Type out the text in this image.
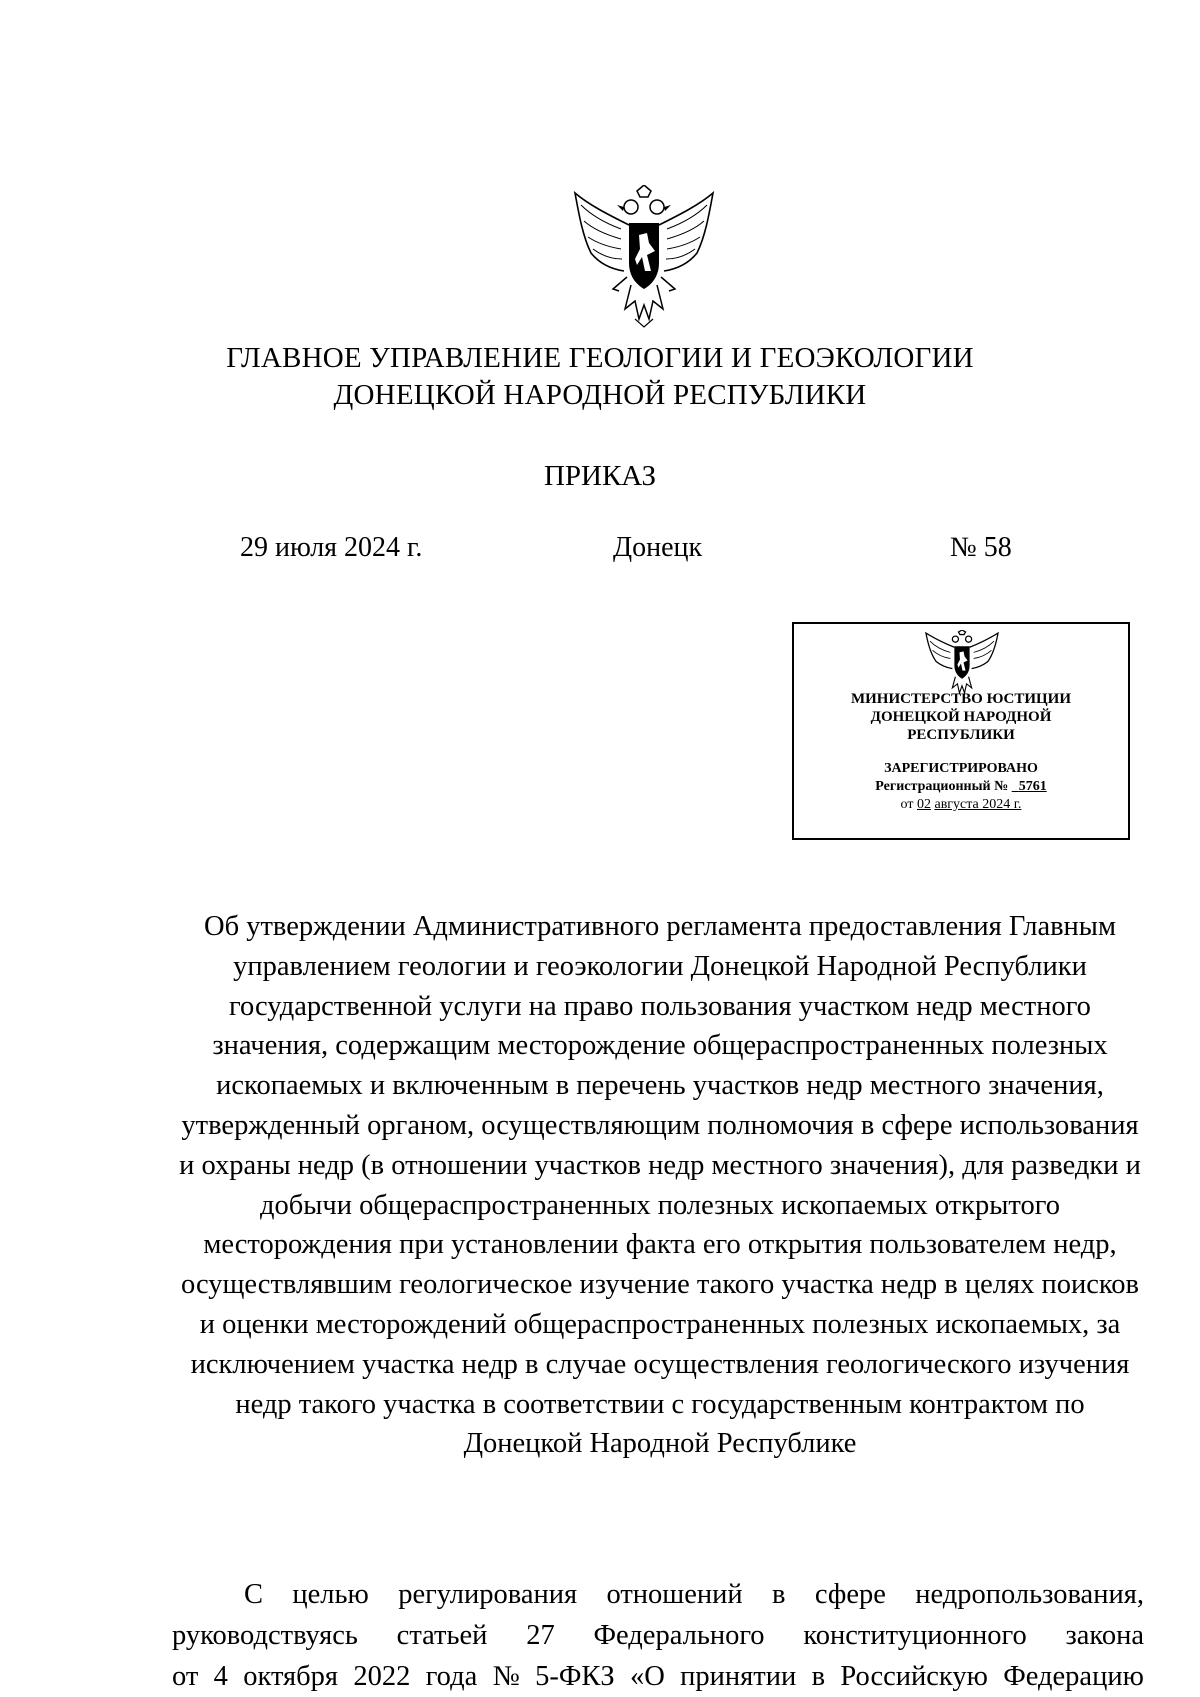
ГЛАВНОЕ УПРАВЛЕНИЕ ГЕОЛОГИИ И ГЕОЭКОЛОГИИ
ДОНЕЦКОЙ НАРОДНОЙ РЕСПУБЛИКИ
ПРИКАЗ
29 июля 2024 г.	Донецк	№ 58
МИНИСТЕРСТВО ЮСТИЦИИ
ДОНЕЦКОЙ НАРОДНОЙ
РЕСПУБЛИКИ
ЗАРЕГИСТРИРОВАНО
Регистрационный № 5761
от 02 августа 2024 г.
Об утверждении Административного регламента предоставления Главным
управлением геологии и геоэкологии Донецкой Народной Республики
государственной услуги на право пользования участком недр местного
значения, содержащим месторождение общераспространенных полезных
ископаемых и включенным в перечень участков недр местного значения,
утвержденный органом, осуществляющим полномочия в сфере использования
и охраны недр (в отношении участков недр местного значения), для разведки и
добычи общераспространенных полезных ископаемых открытого
месторождения при установлении факта его открытия пользователем недр,
осуществлявшим геологическое изучение такого участка недр в целях поисков
и оценки месторождений общераспространенных полезных ископаемых, за
исключением участка недр в случае осуществления геологического изучения
недр такого участка в соответствии с государственным контрактом по
Донецкой Народной Республике
С целью регулирования отношений в сфере недропользования,
руководствуясь статьей 27 Федерального конституционного закона
от 4 октября 2022 года № 5-ФКЗ «О принятии в Российскую Федерацию
